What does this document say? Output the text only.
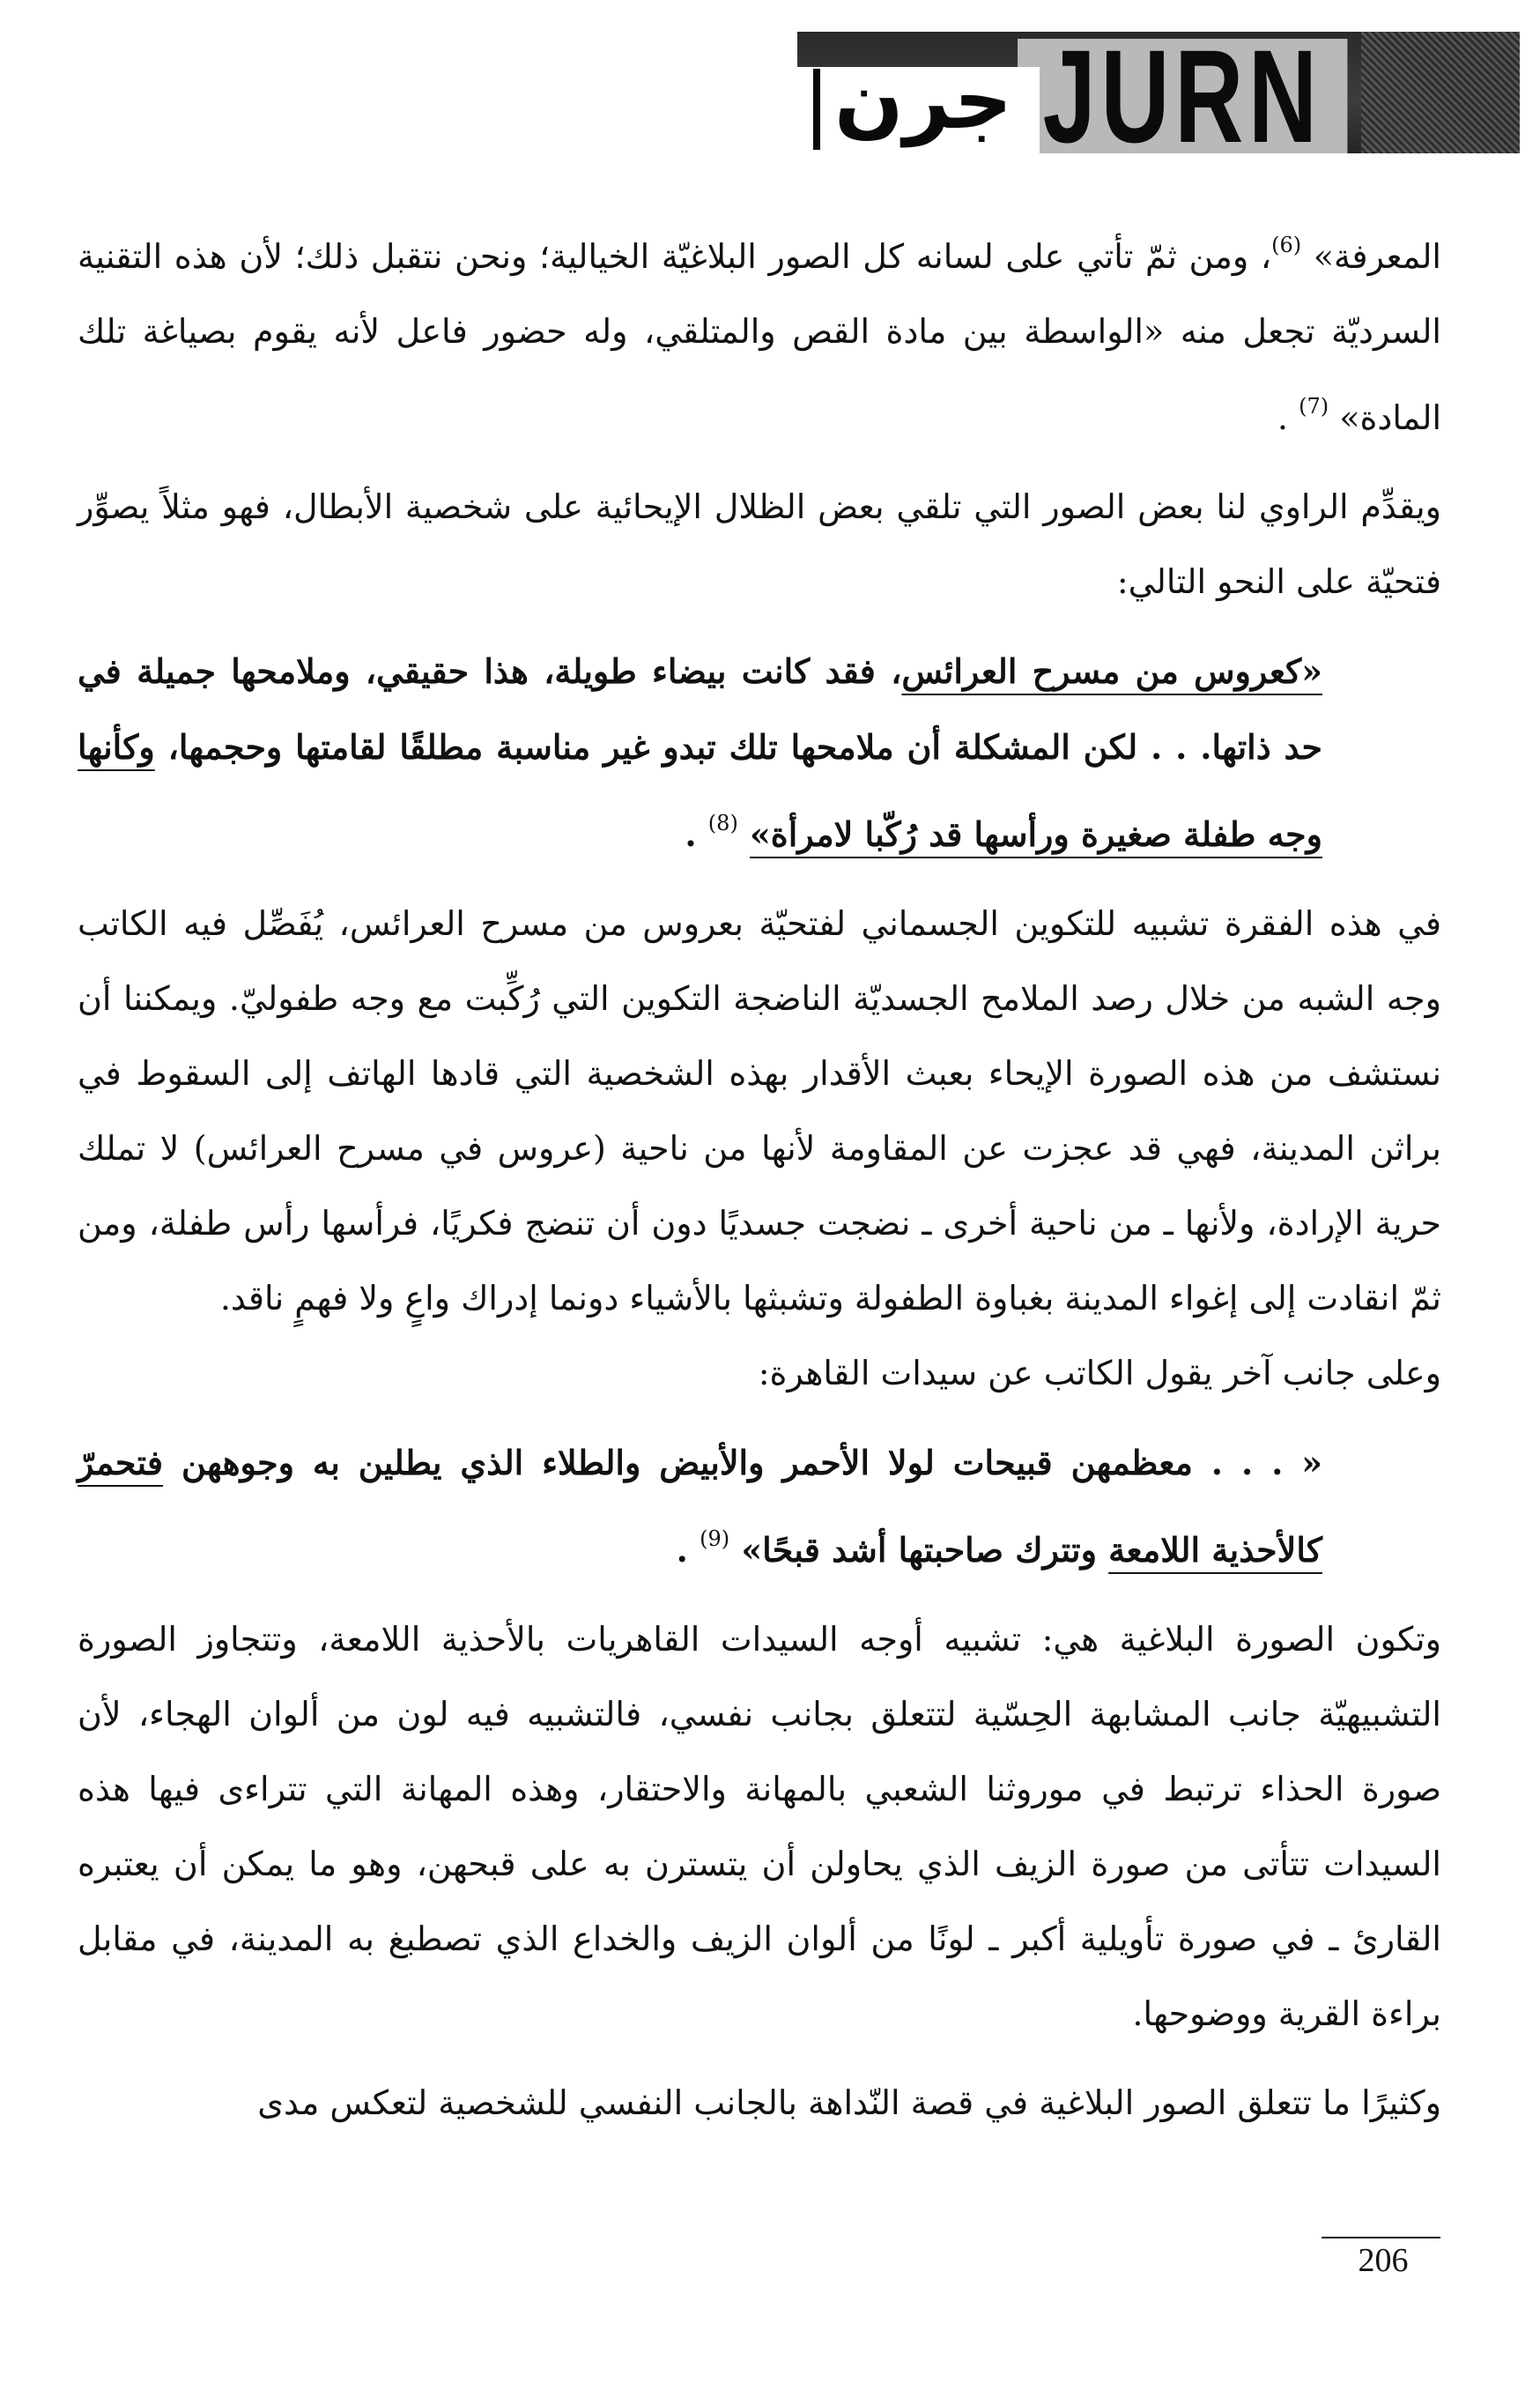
JURN
جرن

المعرفة» $^{(6)}$، ومن ثمّ تأتي على لسانه كل الصور البلاغيّة الخيالية؛ ونحن نتقبل ذلك؛ لأن هذه التقنية السرديّة تجعل منه «الواسطة بين مادة القص والمتلقي، وله حضور فاعل لأنه يقوم بصياغة تلك المادة» $^{(7)}$ .

ويقدِّم الراوي لنا بعض الصور التي تلقي بعض الظلال الإيحائية على شخصية الأبطال، فهو مثلاً يصوِّر فتحيّة على النحو التالي:

«كعروس من مسرح العرائس، فقد كانت بيضاء طويلة، هذا حقيقي، وملامحها جميلة في حد ذاتها. . . لكن المشكلة أن ملامحها تلك تبدو غير مناسبة مطلقًا لقامتها وحجمها، وكأنها وجه طفلة صغيرة ورأسها قد رُكّبا لامرأة» $^{(8)}$ .

في هذه الفقرة تشبيه للتكوين الجسماني لفتحيّة بعروس من مسرح العرائس، يُفَصِّل فيه الكاتب وجه الشبه من خلال رصد الملامح الجسديّة الناضجة التكوين التي رُكِّبت مع وجه طفوليّ. ويمكننا أن نستشف من هذه الصورة الإيحاء بعبث الأقدار بهذه الشخصية التي قادها الهاتف إلى السقوط في براثن المدينة، فهي قد عجزت عن المقاومة لأنها من ناحية (عروس في مسرح العرائس) لا تملك حرية الإرادة، ولأنها ـ من ناحية أخرى ـ نضجت جسديًا دون أن تنضج فكريًا، فرأسها رأس طفلة، ومن ثمّ انقادت إلى إغواء المدينة بغباوة الطفولة وتشبثها بالأشياء دونما إدراك واعٍ ولا فهمٍ ناقد.

وعلى جانب آخر يقول الكاتب عن سيدات القاهرة:

« . . . معظمهن قبيحات لولا الأحمر والأبيض والطلاء الذي يطلين به وجوههن فتحمرّ كالأحذية اللامعة وتترك صاحبتها أشد قبحًا» $^{(9)}$ .

وتكون الصورة البلاغية هي: تشبيه أوجه السيدات القاهريات بالأحذية اللامعة، وتتجاوز الصورة التشبيهيّة جانب المشابهة الحِسّية لتتعلق بجانب نفسي، فالتشبيه فيه لون من ألوان الهجاء، لأن صورة الحذاء ترتبط في موروثنا الشعبي بالمهانة والاحتقار، وهذه المهانة التي تتراءى فيها هذه السيدات تتأتى من صورة الزيف الذي يحاولن أن يتسترن به على قبحهن، وهو ما يمكن أن يعتبره القارئ ـ في صورة تأويلية أكبر ـ لونًا من ألوان الزيف والخداع الذي تصطبغ به المدينة، في مقابل براءة القرية ووضوحها.

وكثيرًا ما تتعلق الصور البلاغية في قصة النّداهة بالجانب النفسي للشخصية لتعكس مدى

206
